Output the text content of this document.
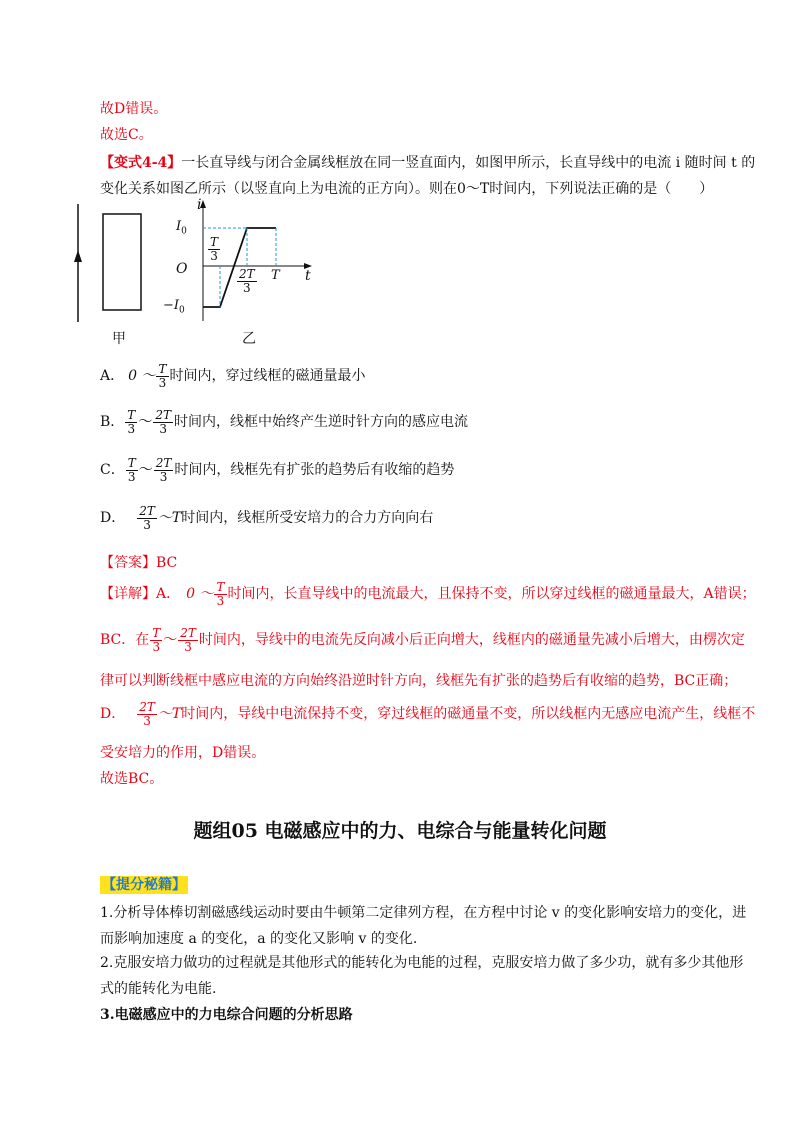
故D错误。
故选C。
【变式4-4】一长直导线与闭合金属线框放在同一竖直面内，如图甲所示，长直导线中的电流 i 随时间 t 的
变化关系如图乙所示（以竖直向上为电流的正方向）。则在0～T时间内，下列说法正确的是（　　）
甲
i
t
O
$I_0$
$-I_0$
$\frac{T}{3}$
$\frac{2T}{3}$ T
乙
A． 0 ～ $\frac{T}{3}$ 时间内，穿过线框的磁通量最小
B． $\frac{T}{3}$ ～ $\frac{2T}{3}$ 时间内，线框中始终产生逆时针方向的感应电流
C． $\frac{T}{3}$ ～ $\frac{2T}{3}$ 时间内，线框先有扩张的趋势后有收缩的趋势
D． $\frac{2T}{3}$ ～T时间内，线框所受安培力的合力方向向右
【答案】BC
【详解】A． 0 ～ $\frac{T}{3}$ 时间内，长直导线中的电流最大，且保持不变，所以穿过线框的磁通量最大，A错误；
BC．在 $\frac{T}{3}$ ～ $\frac{2T}{3}$ 时间内，导线中的电流先反向减小后正向增大，线框内的磁通量先减小后增大，由楞次定
律可以判断线框中感应电流的方向始终沿逆时针方向，线框先有扩张的趋势后有收缩的趋势，BC正确；
D． $\frac{2T}{3}$ ～T时间内，导线中电流保持不变，穿过线框的磁通量不变，所以线框内无感应电流产生，线框不
受安培力的作用，D错误。
故选BC。
题组05 电磁感应中的力、电综合与能量转化问题
【提分秘籍】
1.分析导体棒切割磁感线运动时要由牛顿第二定律列方程，在方程中讨论 v 的变化影响安培力的变化，进
而影响加速度 a 的变化，a 的变化又影响 v 的变化.
2.克服安培力做功的过程就是其他形式的能转化为电能的过程，克服安培力做了多少功，就有多少其他形
式的能转化为电能.
3.电磁感应中的力电综合问题的分析思路
